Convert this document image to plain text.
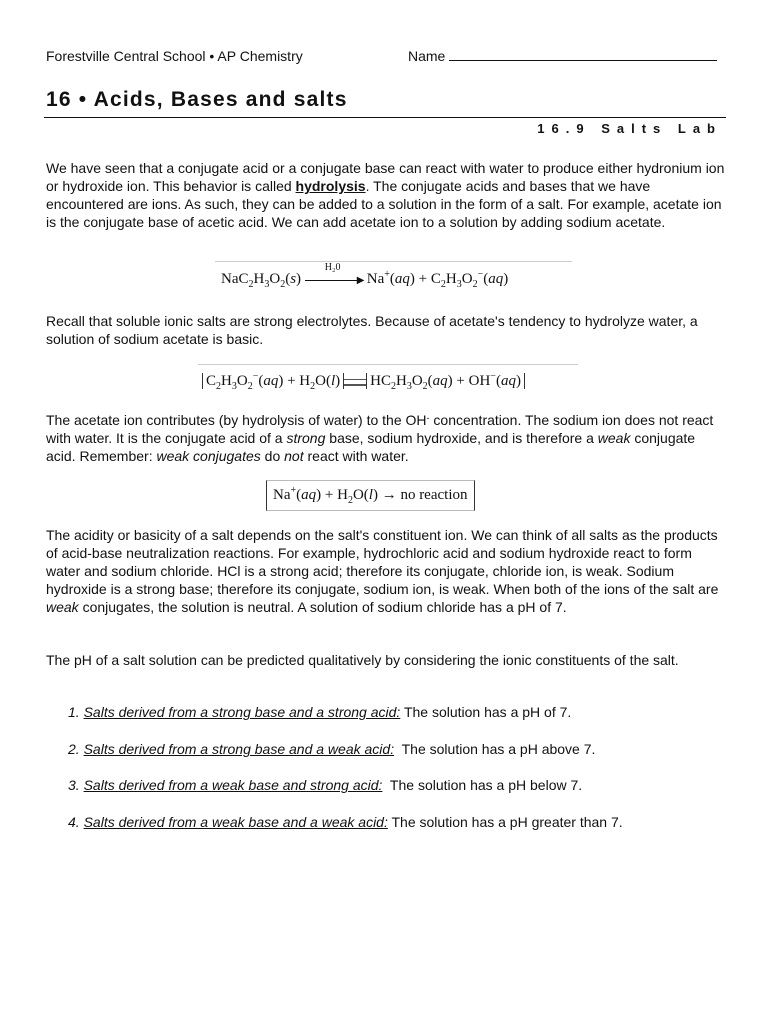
Forestville Central School • AP Chemistry	Name
16 • Acids, Bases and salts
16.9 Salts Lab

We have seen that a conjugate acid or a conjugate base can react with water to produce either hydronium ion or hydroxide ion. This behavior is called hydrolysis. The conjugate acids and bases that we have encountered are ions. As such, they can be added to a solution in the form of a salt. For example, acetate ion is the conjugate base of acetic acid. We can add acetate ion to a solution by adding sodium acetate.

$NaC_2H_3O_2(s)$
H₂0
▶ $Na^+(aq) + C_2H_3O_2^-(aq)$

Recall that soluble ionic salts are strong electrolytes. Because of acetate's tendency to hydrolyze water, a solution of sodium acetate is basic.

$C_2H_3O_2^-(aq) + H_2O(l) HC_2H_3O_2(aq) + OH^-(aq)$

The acetate ion contributes (by hydrolysis of water) to the OH- concentration. The sodium ion does not react with water. It is the conjugate acid of a strong base, sodium hydroxide, and is therefore a weak conjugate acid. Remember: weak conjugates do not react with water.

$Na^+(aq) + H_2O(l)$ → no reaction

The acidity or basicity of a salt depends on the salt's constituent ion. We can think of all salts as the products of acid-base neutralization reactions. For example, hydrochloric acid and sodium hydroxide react to form water and sodium chloride. HCl is a strong acid; therefore its conjugate, chloride ion, is weak. Sodium hydroxide is a strong base; therefore its conjugate, sodium ion, is weak. When both of the ions of the salt are weak conjugates, the solution is neutral. A solution of sodium chloride has a pH of 7.

The pH of a salt solution can be predicted qualitatively by considering the ionic constituents of the salt.

1. Salts derived from a strong base and a strong acid: The solution has a pH of 7.
2. Salts derived from a strong base and a weak acid:  The solution has a pH above 7.
3. Salts derived from a weak base and strong acid:  The solution has a pH below 7.
4. Salts derived from a weak base and a weak acid: The solution has a pH greater than 7.
